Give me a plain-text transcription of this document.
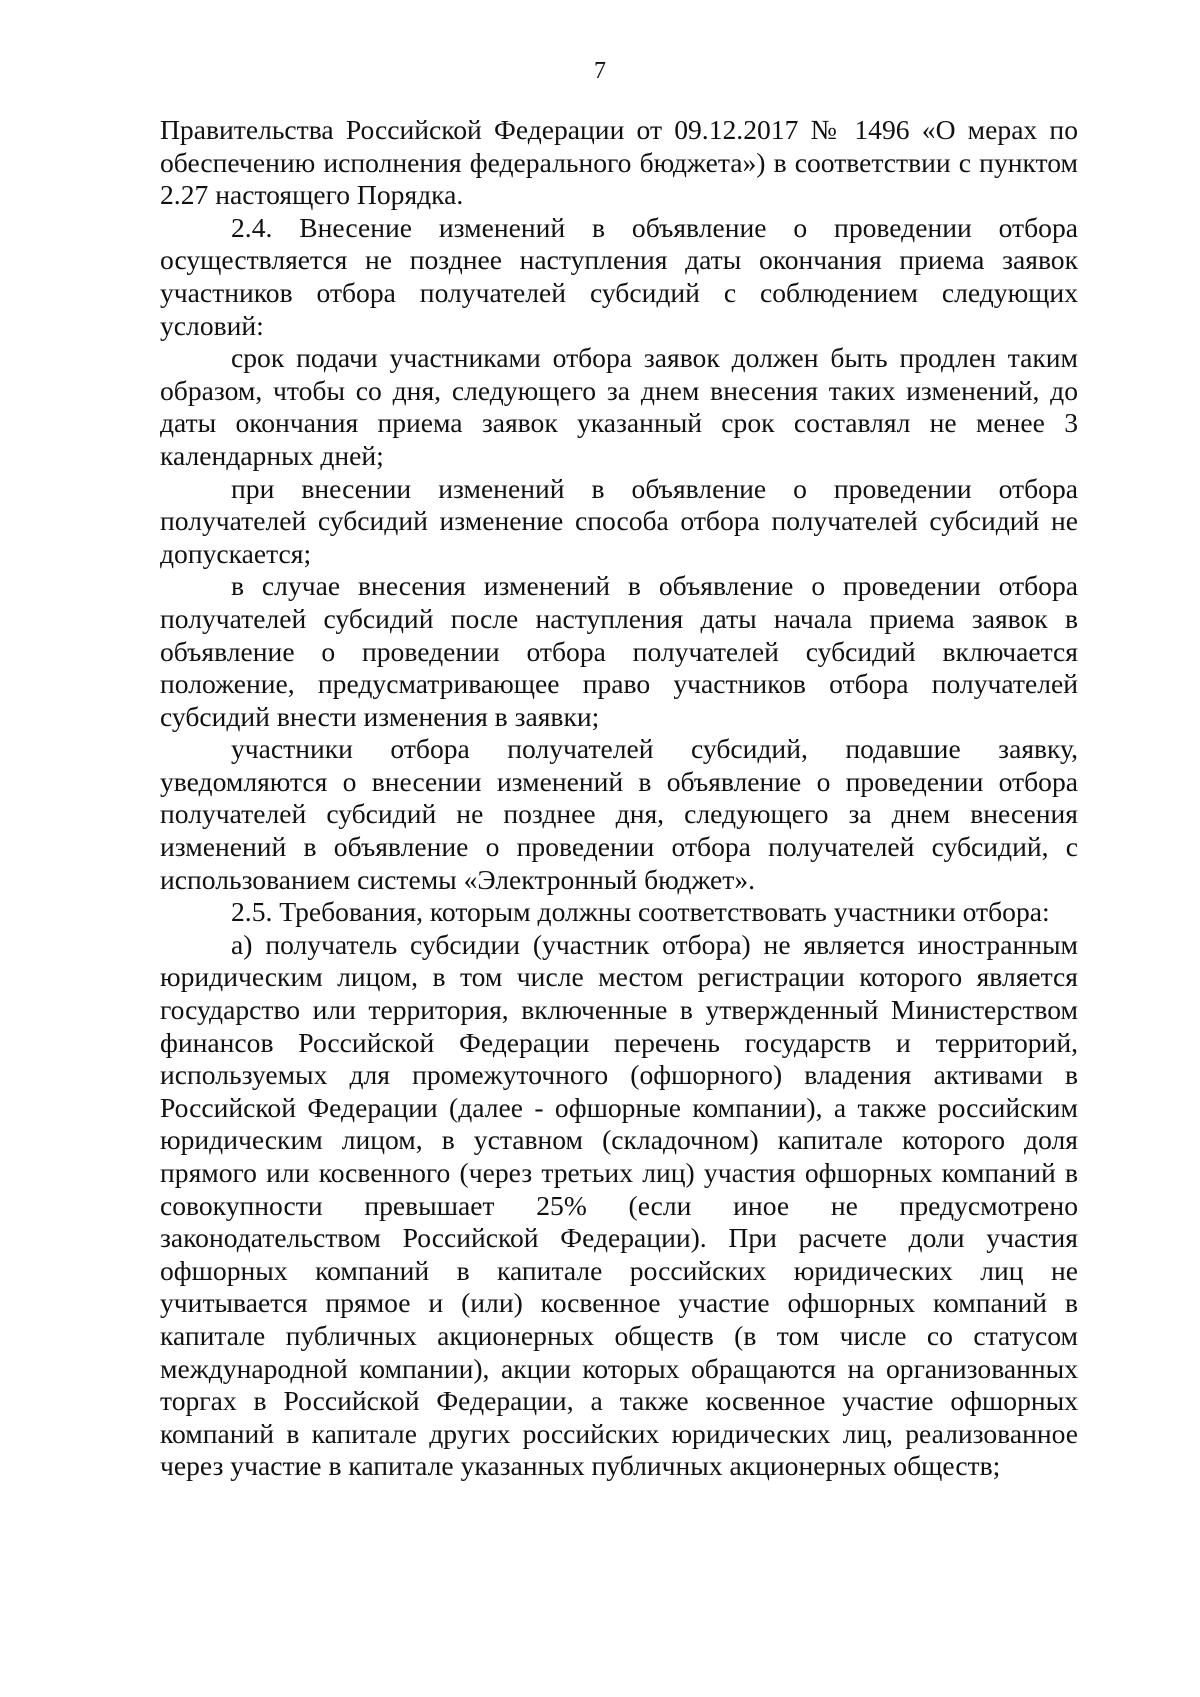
7

Правительства Российской Федерации от 09.12.2017 № 1496 «О мерах по обеспечению исполнения федерального бюджета») в соответствии с пунктом 2.27 настоящего Порядка.

2.4. Внесение изменений в объявление о проведении отбора осуществляется не позднее наступления даты окончания приема заявок участников отбора получателей субсидий с соблюдением следующих условий:

срок подачи участниками отбора заявок должен быть продлен таким образом, чтобы со дня, следующего за днем внесения таких изменений, до даты окончания приема заявок указанный срок составлял не менее 3 календарных дней;

при внесении изменений в объявление о проведении отбора получателей субсидий изменение способа отбора получателей субсидий не допускается;

в случае внесения изменений в объявление о проведении отбора получателей субсидий после наступления даты начала приема заявок в объявление о проведении отбора получателей субсидий включается положение, предусматривающее право участников отбора получателей субсидий внести изменения в заявки;

участники отбора получателей субсидий, подавшие заявку, уведомляются о внесении изменений в объявление о проведении отбора получателей субсидий не позднее дня, следующего за днем внесения изменений в объявление о проведении отбора получателей субсидий, с использованием системы «Электронный бюджет».

2.5. Требования, которым должны соответствовать участники отбора:

а) получатель субсидии (участник отбора) не является иностранным юридическим лицом, в том числе местом регистрации которого является государство или территория, включенные в утвержденный Министерством финансов Российской Федерации перечень государств и территорий, используемых для промежуточного (офшорного) владения активами в Российской Федерации (далее - офшорные компании), а также российским юридическим лицом, в уставном (складочном) капитале которого доля прямого или косвенного (через третьих лиц) участия офшорных компаний в совокупности превышает 25% (если иное не предусмотрено законодательством Российской Федерации). При расчете доли участия офшорных компаний в капитале российских юридических лиц не учитывается прямое и (или) косвенное участие офшорных компаний в капитале публичных акционерных обществ (в том числе со статусом международной компании), акции которых обращаются на организованных торгах в Российской Федерации, а также косвенное участие офшорных компаний в капитале других российских юридических лиц, реализованное через участие в капитале указанных публичных акционерных обществ;
